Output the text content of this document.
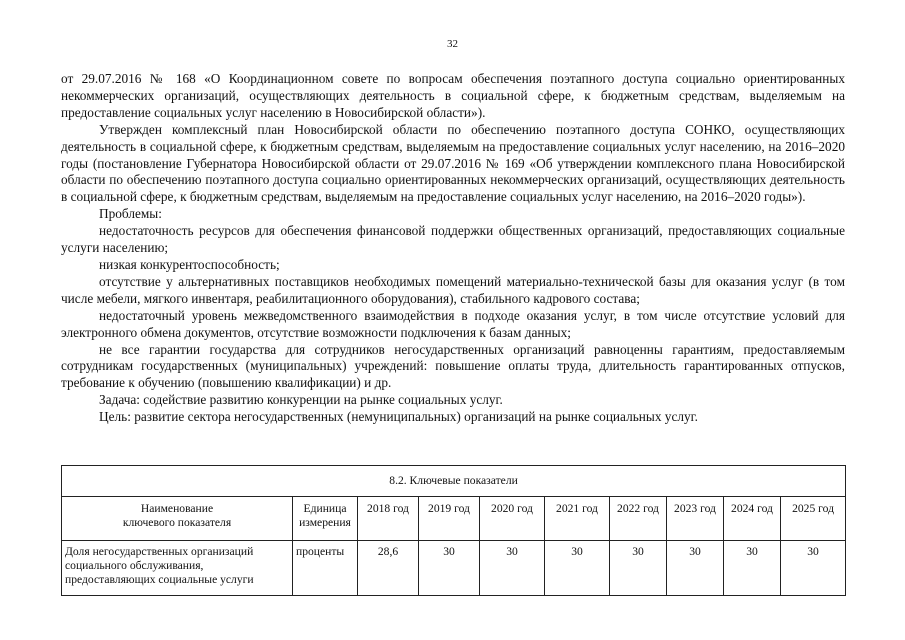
32

от 29.07.2016 № 168 «О Координационном совете по вопросам обеспечения поэтапного доступа социально ориентированных некоммерческих организаций, осуществляющих деятельность в социальной сфере, к бюджетным средствам, выделяемым на предоставление социальных услуг населению в Новосибирской области»).

Утвержден комплексный план Новосибирской области по обеспечению поэтапного доступа СОНКО, осуществляющих деятельность в социальной сфере, к бюджетным средствам, выделяемым на предоставление социальных услуг населению, на 2016–2020 годы (постановление Губернатора Новосибирской области от 29.07.2016 № 169 «Об утверждении комплексного плана Новосибирской области по обеспечению поэтапного доступа социально ориентированных некоммерческих организаций, осуществляющих деятельность в социальной сфере, к бюджетным средствам, выделяемым на предоставление социальных услуг населению, на 2016–2020 годы»).

Проблемы:

недостаточность ресурсов для обеспечения финансовой поддержки общественных организаций, предоставляющих социальные услуги населению;

низкая конкурентоспособность;

отсутствие у альтернативных поставщиков необходимых помещений материально-технической базы для оказания услуг (в том числе мебели, мягкого инвентаря, реабилитационного оборудования), стабильного кадрового состава;

недостаточный уровень межведомственного взаимодействия в подходе оказания услуг, в том числе отсутствие условий для электронного обмена документов, отсутствие возможности подключения к базам данных;

не все гарантии государства для сотрудников негосударственных организаций равноценны гарантиям, предоставляемым сотрудникам государственных (муниципальных) учреждений: повышение оплаты труда, длительность гарантированных отпусков, требование к обучению (повышению квалификации) и др.

Задача: содействие развитию конкуренции на рынке социальных услуг.

Цель: развитие сектора негосударственных (немуниципальных) организаций на рынке социальных услуг.

8.2. Ключевые показатели									
Наименование ключевого показателя	Единица измерения	2018 год	2019 год	2020 год	2021 год	2022 год	2023 год	2024 год	2025 год
Доля негосударственных организаций социального обслуживания, предоставляющих социальные услуги	проценты	28,6	30	30	30	30	30	30	30
